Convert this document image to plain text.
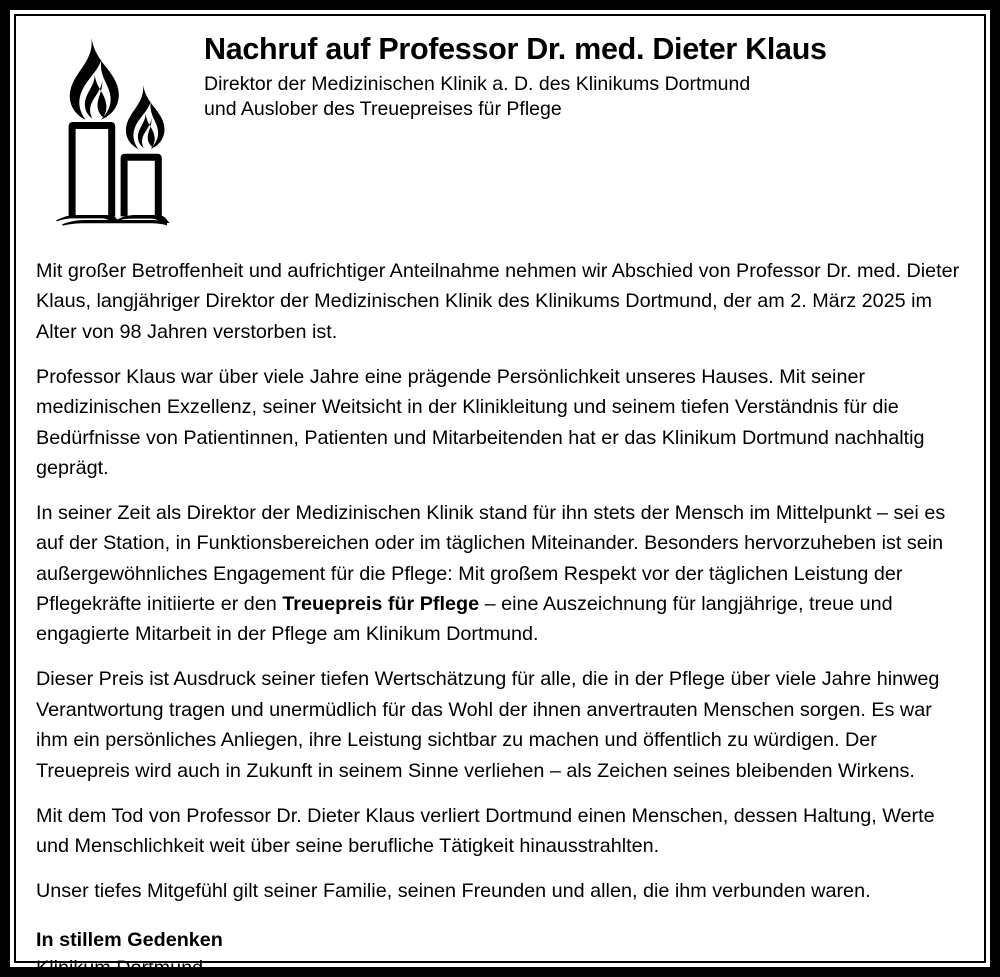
Nachruf auf Professor Dr. med. Dieter Klaus
Direktor der Medizinischen Klinik a. D. des Klinikums Dortmund
und Auslober des Treuepreises für Pflege

Mit großer Betroffenheit und aufrichtiger Anteilnahme nehmen wir Abschied von Professor Dr. med. Dieter Klaus, langjähriger Direktor der Medizinischen Klinik des Klinikums Dortmund, der am 2. März 2025 im Alter von 98 Jahren verstorben ist.

Professor Klaus war über viele Jahre eine prägende Persönlichkeit unseres Hauses. Mit seiner medizinischen Exzellenz, seiner Weitsicht in der Klinikleitung und seinem tiefen Verständnis für die Bedürfnisse von Patientinnen, Patienten und Mitarbeitenden hat er das Klinikum Dortmund nachhaltig geprägt.

In seiner Zeit als Direktor der Medizinischen Klinik stand für ihn stets der Mensch im Mittelpunkt – sei es auf der Station, in Funktionsbereichen oder im täglichen Miteinander. Besonders hervorzuheben ist sein außergewöhnliches Engagement für die Pflege: Mit großem Respekt vor der täglichen Leistung der Pflegekräfte initiierte er den Treuepreis für Pflege – eine Auszeichnung für langjährige, treue und engagierte Mitarbeit in der Pflege am Klinikum Dortmund.

Dieser Preis ist Ausdruck seiner tiefen Wertschätzung für alle, die in der Pflege über viele Jahre hinweg Verantwortung tragen und unermüdlich für das Wohl der ihnen anvertrauten Menschen sorgen. Es war ihm ein persönliches Anliegen, ihre Leistung sichtbar zu machen und öffentlich zu würdigen. Der Treuepreis wird auch in Zukunft in seinem Sinne verliehen – als Zeichen seines bleibenden Wirkens.

Mit dem Tod von Professor Dr. Dieter Klaus verliert Dortmund einen Menschen, dessen Haltung, Werte und Menschlichkeit weit über seine berufliche Tätigkeit hinausstrahlten.

Unser tiefes Mitgefühl gilt seiner Familie, seinen Freunden und allen, die ihm verbunden waren.

In stillem Gedenken
Klinikum Dortmund
